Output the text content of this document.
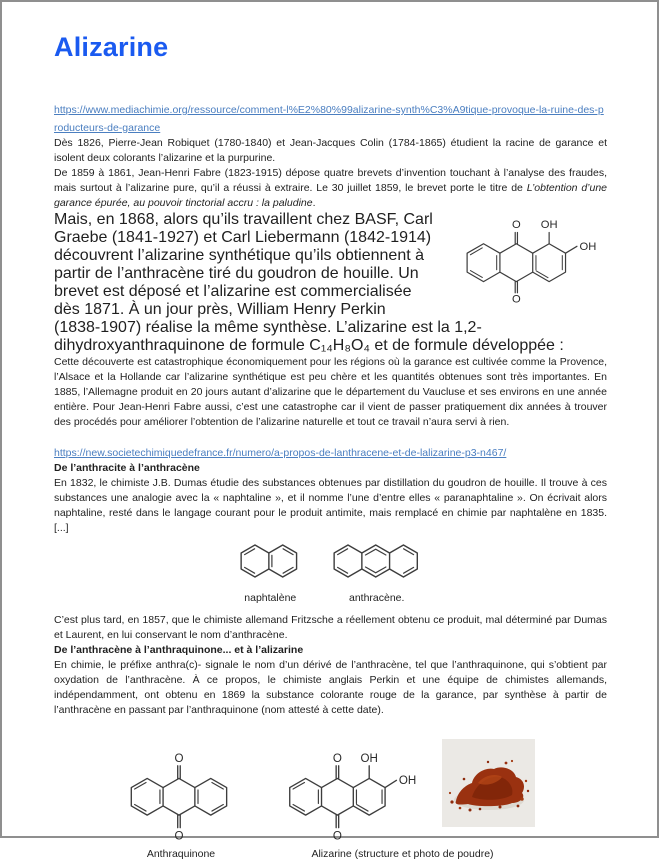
Alizarine

https://www.mediachimie.org/ressource/comment-l%E2%80%99alizarine-synth%C3%A9tique-provoque-la-ruine-des-producteurs-de-garance

Dès 1826, Pierre-Jean Robiquet (1780-1840) et Jean-Jacques Colin (1784-1865) étudient la racine de garance et isolent deux colorants l’alizarine et la purpurine.

De 1859 à 1861, Jean-Henri Fabre (1823-1915) dépose quatre brevets d’invention touchant à l’analyse des fraudes, mais surtout à l’alizarine pure, qu’il a réussi à extraire. Le 30 juillet 1859, le brevet porte le titre de L’obtention d’une garance épurée, au pouvoir tinctorial accru : la paludine.

O
O
OH
OH
Mais, en 1868, alors qu’ils travaillent chez BASF, Carl Graebe (1841-1927) et Carl Liebermann (1842-1914) découvrent l’alizarine synthétique qu’ils obtiennent à partir de l’anthracène tiré du goudron de houille. Un brevet est déposé et l’alizarine est commercialisée dès 1871. À un jour près, William Henry Perkin (1838-1907) réalise la même synthèse. L’alizarine est la 1,2-dihydroxyanthraquinone de formule C₁₄H₈O₄ et de formule développée :

Cette découverte est catastrophique économiquement pour les régions où la garance est cultivée comme la Provence, l’Alsace et la Hollande car l’alizarine synthétique est peu chère et les quantités obtenues sont très importantes. En 1885, l’Allemagne produit en 20 jours autant d’alizarine que le département du Vaucluse et ses environs en une année entière. Pour Jean-Henri Fabre aussi, c’est une catastrophe car il vient de passer pratiquement dix années à trouver des procédés pour améliorer l’obtention de l’alizarine naturelle et tout ce travail n’aura servi à rien.

https://new.societechimiquedefrance.fr/numero/a-propos-de-lanthracene-et-de-lalizarine-p3-n467/

De l’anthracite à l’anthracène

En 1832, le chimiste J.B. Dumas étudie des substances obtenues par distillation du goudron de houille. Il trouve à ces substances une analogie avec la « naphtaline », et il nomme l’une d’entre elles « paranaphtaline ». On écrivait alors naphtaline, resté dans le langage courant pour le produit antimite, mais remplacé en chimie par naphtalène en 1835. [...]

naphtalène
	anthracène.

C’est plus tard, en 1857, que le chimiste allemand Fritzsche a réellement obtenu ce produit, mal déterminé par Dumas et Laurent, en lui conservant le nom d’anthracène.

De l’anthracène à l’anthraquinone... et à l’alizarine

En chimie, le préfixe anthra(c)- signale le nom d’un dérivé de l’anthracène, tel que l’anthraquinone, qui s’obtient par oxydation de l’anthracène. À ce propos, le chimiste anglais Perkin et une équipe de chimistes allemands, indépendamment, ont obtenu en 1869 la substance colorante rouge de la garance, par synthèse à partir de l’anthracène en passant par l’anthraquinone (nom attesté à cette date).

O
O
Anthraquinone
O
O
OH
OH
Alizarine (structure et photo de poudre)
